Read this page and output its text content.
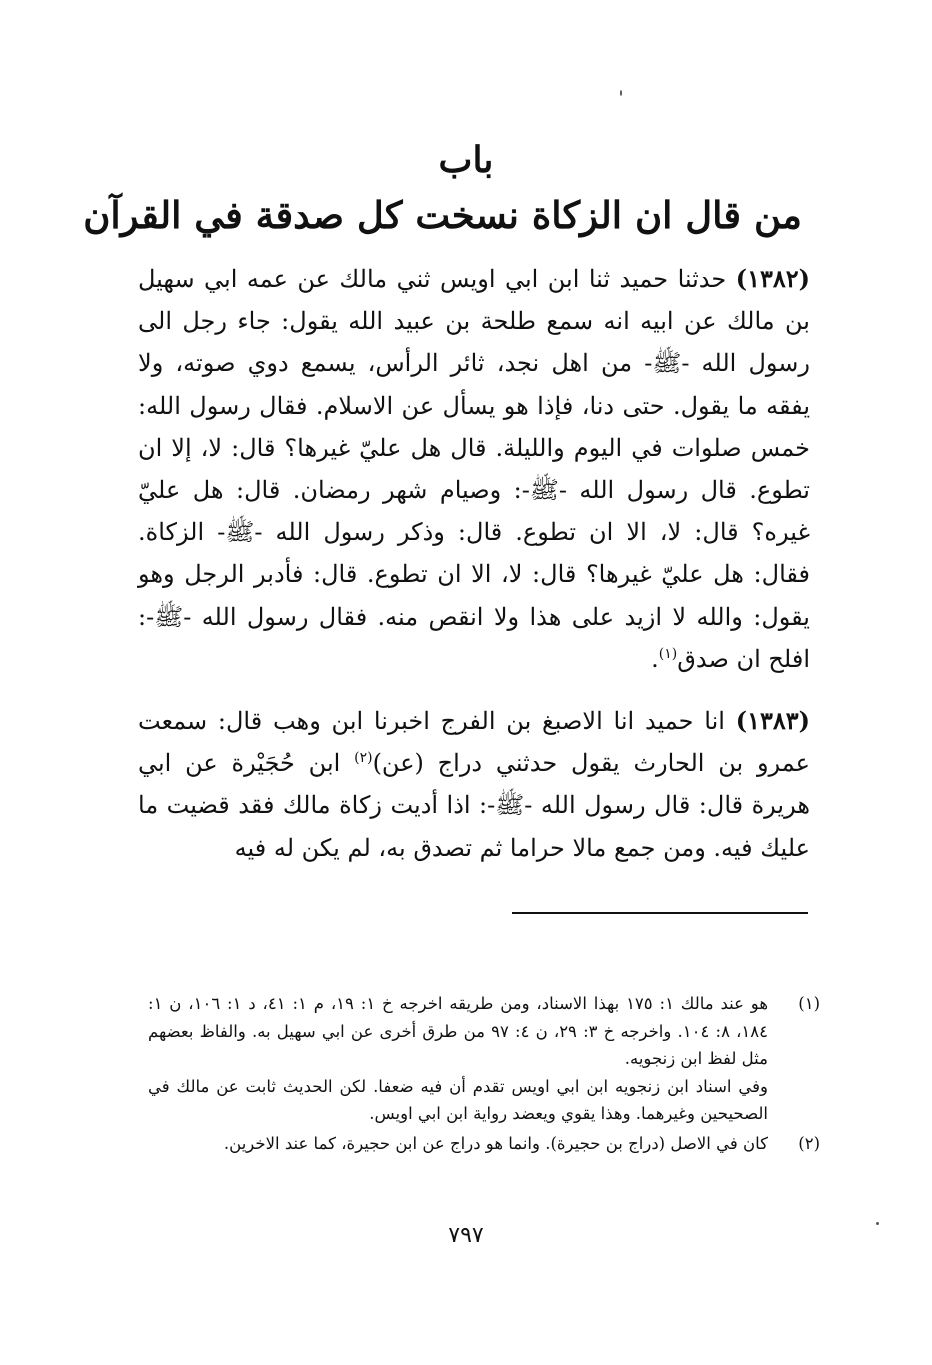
باب
من قال ان الزكاة نسخت كل صدقة في القرآن
(١٣٨٢) حدثنا حميد ثنا ابن ابي اويس ثني مالك عن عمه ابي سهيل بن مالك عن ابيه انه سمع طلحة بن عبيد الله يقول: جاء رجل الى رسول الله -ﷺ- من اهل نجد، ثائر الرأس، يسمع دوي صوته، ولا يفقه ما يقول. حتى دنا، فإذا هو يسأل عن الاسلام. فقال رسول الله: خمس صلوات في اليوم والليلة. قال هل عليّ غيرها؟ قال: لا، إلا ان تطوع. قال رسول الله -ﷺ-: وصيام شهر رمضان. قال: هل عليّ غيره؟ قال: لا، الا ان تطوع. قال: وذكر رسول الله -ﷺ- الزكاة. فقال: هل عليّ غيرها؟ قال: لا، الا ان تطوع. قال: فأدبر الرجل وهو يقول: والله لا ازيد على هذا ولا انقص منه. فقال رسول الله -ﷺ-: افلح ان صدق$^{(١)}$.
(١٣٨٣) انا حميد انا الاصبغ بن الفرج اخبرنا ابن وهب قال: سمعت عمرو بن الحارث يقول حدثني دراج (عن)$^{(٢)}$ ابن حُجَيْرة عن ابي هريرة قال: قال رسول الله -ﷺ-: اذا أديت زكاة مالك فقد قضيت ما عليك فيه. ومن جمع مالا حراما ثم تصدق به، لم يكن له فيه
(١)

هو عند مالك ١: ١٧٥ بهذا الاسناد، ومن طريقه اخرجه خ ١: ١٩، م ١: ٤١، د ١: ١٠٦، ن ١: ١٨٤، ٨: ١٠٤. واخرجه خ ٣: ٢٩، ن ٤: ٩٧ من طرق أخرى عن ابي سهيل به. والفاظ بعضهم مثل لفظ ابن زنجويه.

وفي اسناد ابن زنجويه ابن ابي اويس تقدم أن فيه ضعفا. لكن الحديث ثابت عن مالك في الصحيحين وغيرهما. وهذا يقوي ويعضد رواية ابن ابي اويس.

(٢)

كان في الاصل (دراج بن حجيرة). وانما هو دراج عن ابن حجيرة، كما عند الاخرين.

٧٩٧
